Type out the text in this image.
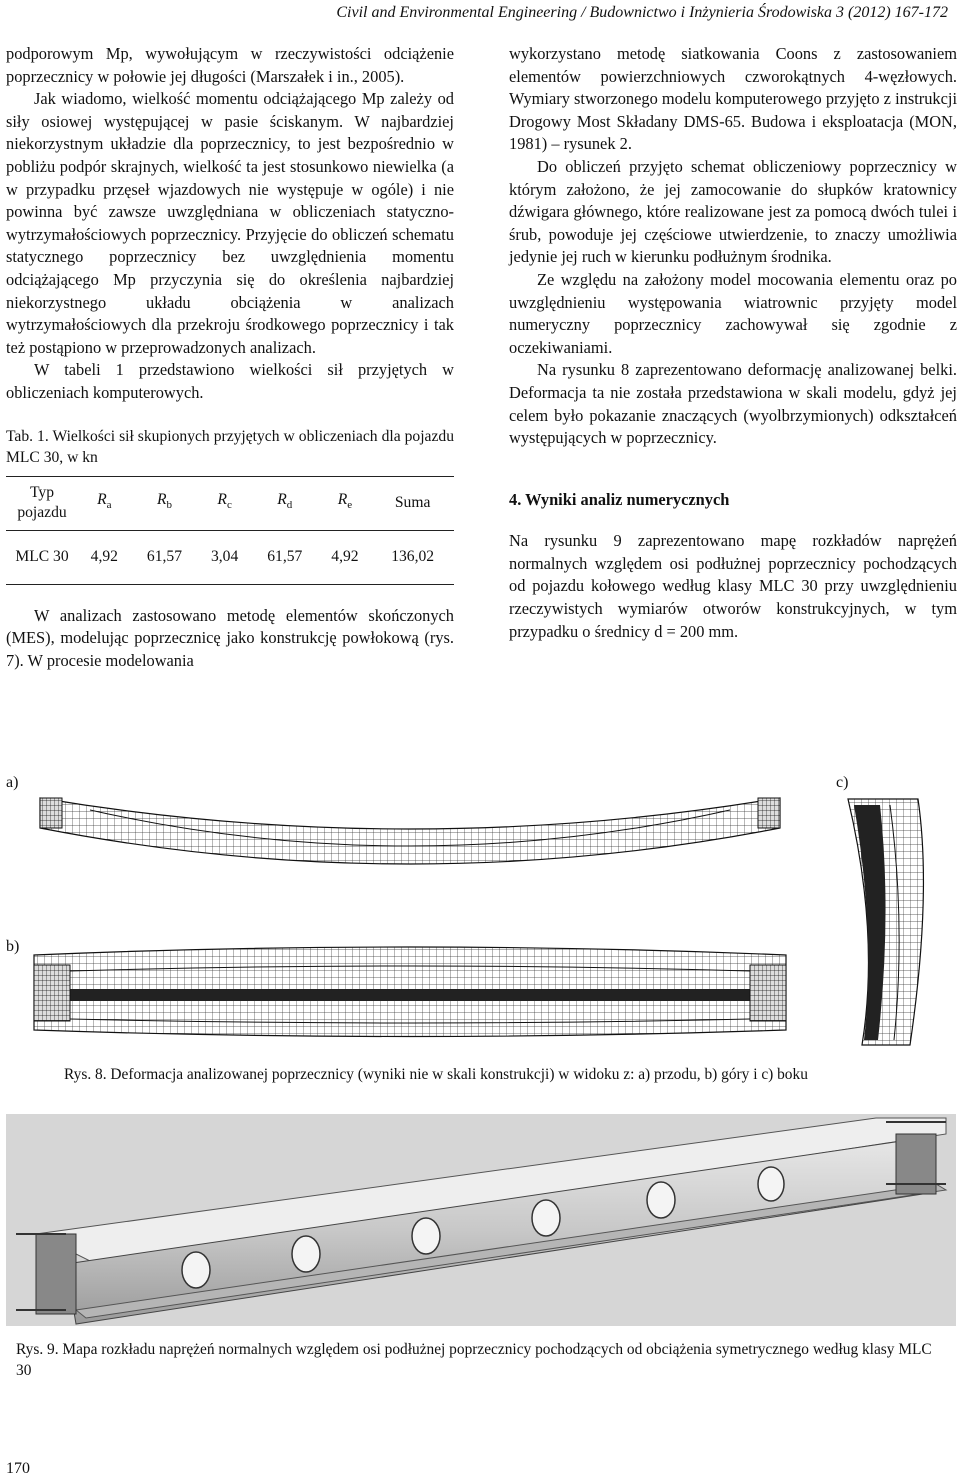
Civil and Environmental Engineering / Budownictwo i Inżynieria Środowiska 3 (2012) 167-172

podporowym Mp, wywołującym w rzeczywistości odciążenie poprzecznicy w połowie jej długości (Marszałek i in., 2005).

Jak wiadomo, wielkość momentu odciążającego Mp zależy od siły osiowej występującej w pasie ściskanym. W najbardziej niekorzystnym układzie dla poprzecznicy, to jest bezpośrednio w pobliżu podpór skrajnych, wielkość ta jest stosunkowo niewielka (a w przypadku przęseł wjazdowych nie występuje w ogóle) i nie powinna być zawsze uwzględniana w obliczeniach statyczno-wytrzymałościowych poprzecznicy. Przyjęcie do obliczeń schematu statycznego poprzecznicy bez uwzględnienia momentu odciążającego Mp przyczynia się do określenia najbardziej niekorzystnego układu obciążenia w analizach wytrzymałościowych dla przekroju środkowego poprzecznicy i tak też postąpiono w przeprowadzonych analizach.

W tabeli 1 przedstawiono wielkości sił przyjętych w obliczeniach komputerowych.

Tab. 1. Wielkości sił skupionych przyjętych w obliczeniach dla pojazdu MLC 30, w kn

Typ pojazdu	$R_a$	$R_b$	$R_c$	$R_d$	$R_e$	Suma
MLC 30	4,92	61,57	3,04	61,57	4,92	136,02

W analizach zastosowano metodę elementów skończonych (MES), modelując poprzecznicę jako konstrukcję powłokową (rys. 7). W procesie modelowania

wykorzystano metodę siatkowania Coons z zastosowaniem elementów powierzchniowych czworokątnych 4-węzłowych. Wymiary stworzonego modelu komputerowego przyjęto z instrukcji Drogowy Most Składany DMS-65. Budowa i eksploatacja (MON, 1981) – rysunek 2.

Do obliczeń przyjęto schemat obliczeniowy poprzecznicy w którym założono, że jej zamocowanie do słupków kratownicy dźwigara głównego, które realizowane jest za pomocą dwóch tulei i śrub, powoduje jej częściowe utwierdzenie, to znaczy umożliwia jedynie jej ruch w kierunku podłużnym środnika.

Ze względu na założony model mocowania elementu oraz po uwzględnieniu występowania wiatrownic przyjęty model numeryczny poprzecznicy zachowywał się zgodnie z oczekiwaniami.

Na rysunku 8 zaprezentowano deformację analizowanej belki. Deformacja ta nie została przedstawiona w skali modelu, gdyż jej celem było pokazanie znaczących (wyolbrzymionych) odkształceń występujących w poprzecznicy.

4. Wyniki analiz numerycznych

Na rysunku 9 zaprezentowano mapę rozkładów naprężeń normalnych względem osi podłużnej poprzecznicy pochodzących od pojazdu kołowego według klasy MLC 30 przy uwzględnieniu rzeczywistych wymiarów otworów konstrukcyjnych, w tym przypadku o średnicy d = 200 mm.

a)	c)
b)
Rys. 8. Deformacja analizowanej poprzecznicy (wyniki nie w skali konstrukcji) w widoku z: a) przodu, b) góry i c) boku
Rys. 9. Mapa rozkładu naprężeń normalnych względem osi podłużnej poprzecznicy pochodzących od obciążenia symetrycznego według klasy MLC 30
170
